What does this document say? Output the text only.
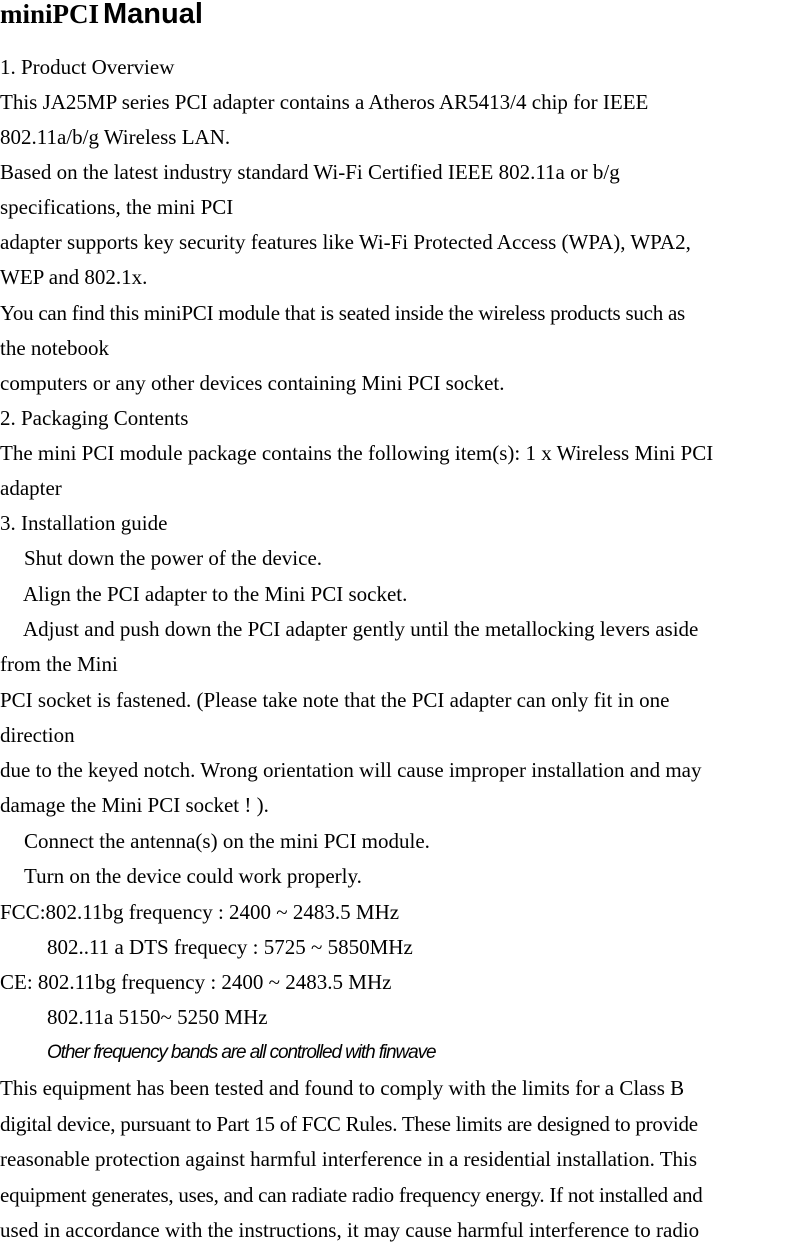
miniPCI Manual
1. Product Overview
This JA25MP series PCI adapter contains a Atheros AR5413/4 chip for IEEE
802.11a/b/g Wireless LAN.
Based on the latest industry standard Wi-Fi Certified IEEE 802.11a or b/g
specifications, the mini PCI
adapter supports key security features like Wi-Fi Protected Access (WPA), WPA2,
WEP and 802.1x.
You can find this miniPCI module that is seated inside the wireless products such as
the notebook
computers or any other devices containing Mini PCI socket.
2. Packaging Contents
The mini PCI module package contains the following item(s): 1 x Wireless Mini PCI
adapter
3. Installation guide
Shut down the power of the device.
Align the PCI adapter to the Mini PCI socket.
Adjust and push down the PCI adapter gently until the metallocking levers aside
from the Mini
PCI socket is fastened. (Please take note that the PCI adapter can only fit in one
direction
due to the keyed notch. Wrong orientation will cause improper installation and may
damage the Mini PCI socket ! ).
Connect the antenna(s) on the mini PCI module.
Turn on the device could work properly.
FCC:802.11bg frequency : 2400 ~ 2483.5 MHz
802..11 a DTS frequecy : 5725 ~ 5850MHz
CE: 802.11bg frequency : 2400 ~ 2483.5 MHz
802.11a 5150~ 5250 MHz
Other frequency bands are all controlled with finwave
This equipment has been tested and found to comply with the limits for a Class B
digital device, pursuant to Part 15 of FCC Rules. These limits are designed to provide
reasonable protection against harmful interference in a residential installation. This
equipment generates, uses, and can radiate radio frequency energy. If not installed and
used in accordance with the instructions, it may cause harmful interference to radio
